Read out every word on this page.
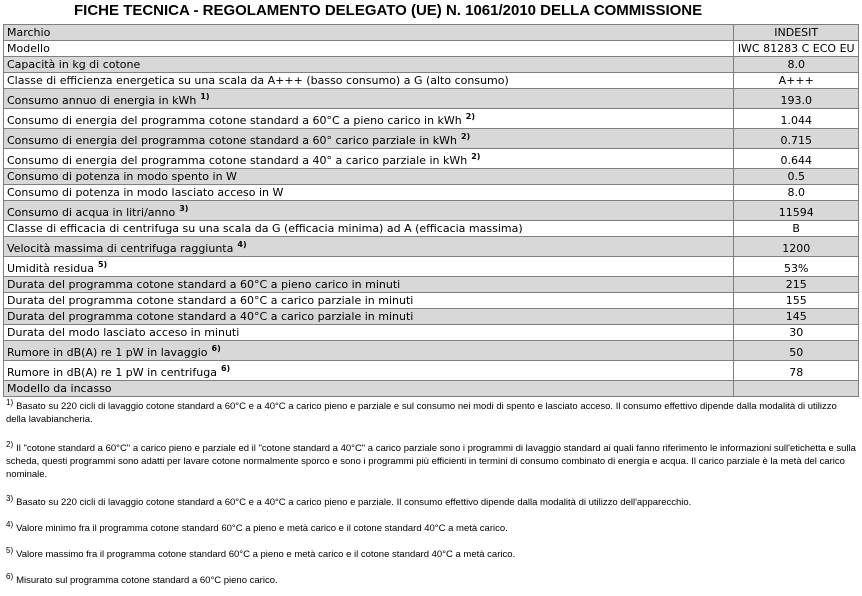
FICHE TECNICA - REGOLAMENTO DELEGATO (UE) N. 1061/2010 DELLA COMMISSIONE
Marchio	INDESIT
Modello	IWC 81283 C ECO EU
Capacità in kg di cotone	8.0
Classe di efficienza energetica su una scala da A+++ (basso consumo) a G (alto consumo)	A+++
Consumo annuo di energia in kWh $^{1)}$	193.0
Consumo di energia del programma cotone standard a 60°C a pieno carico in kWh $^{2)}$	1.044
Consumo di energia del programma cotone standard a 60° carico parziale in kWh $^{2)}$	0.715
Consumo di energia del programma cotone standard a 40° a carico parziale in kWh $^{2)}$	0.644
Consumo di potenza in modo spento in W	0.5
Consumo di potenza in modo lasciato acceso in W	8.0
Consumo di acqua in litri/anno $^{3)}$	11594
Classe di efficacia di centrifuga su una scala da G (efficacia minima) ad A (efficacia massima)	B
Velocità massima di centrifuga raggiunta $^{4)}$	1200
Umidità residua $^{5)}$	53%
Durata del programma cotone standard a 60°C a pieno carico in minuti	215
Durata del programma cotone standard a 60°C a carico parziale in minuti	155
Durata del programma cotone standard a 40°C a carico parziale in minuti	145
Durata del modo lasciato acceso in minuti	30
Rumore in dB(A) re 1 pW in lavaggio $^{6)}$	50
Rumore in dB(A) re 1 pW in centrifuga $^{6)}$	78
Modello da incasso	
$^{1)}$ Basato su 220 cicli di lavaggio cotone standard a 60°C e a 40°C a carico pieno e parziale e sul consumo nei modi di spento e lasciato acceso. Il consumo effettivo dipende dalla modalità di utilizzo della lavabiancheria.
$^{2)}$ Il "cotone standard a 60°C" a carico pieno e parziale ed il "cotone standard a 40°C" a carico parziale sono i programmi di lavaggio standard ai quali fanno riferimento le informazioni sull'etichetta e sulla scheda, questi programmi sono adatti per lavare cotone normalmente sporco e sono i programmi più efficienti in termini di consumo combinato di energia e acqua. Il carico parziale è la metà del carico nominale.
$^{3)}$ Basato su 220 cicli di lavaggio cotone standard a 60°C e a 40°C a carico pieno e parziale. Il consumo effettivo dipende dalla modalità di utilizzo dell'apparecchio.
$^{4)}$ Valore minimo fra il programma cotone standard 60°C a pieno e metà carico e il cotone standard 40°C a metà carico.
$^{5)}$ Valore massimo fra il programma cotone standard 60°C a pieno e metà carico e il cotone standard 40°C a metà carico.
$^{6)}$ Misurato sul programma cotone standard a 60°C pieno carico.
